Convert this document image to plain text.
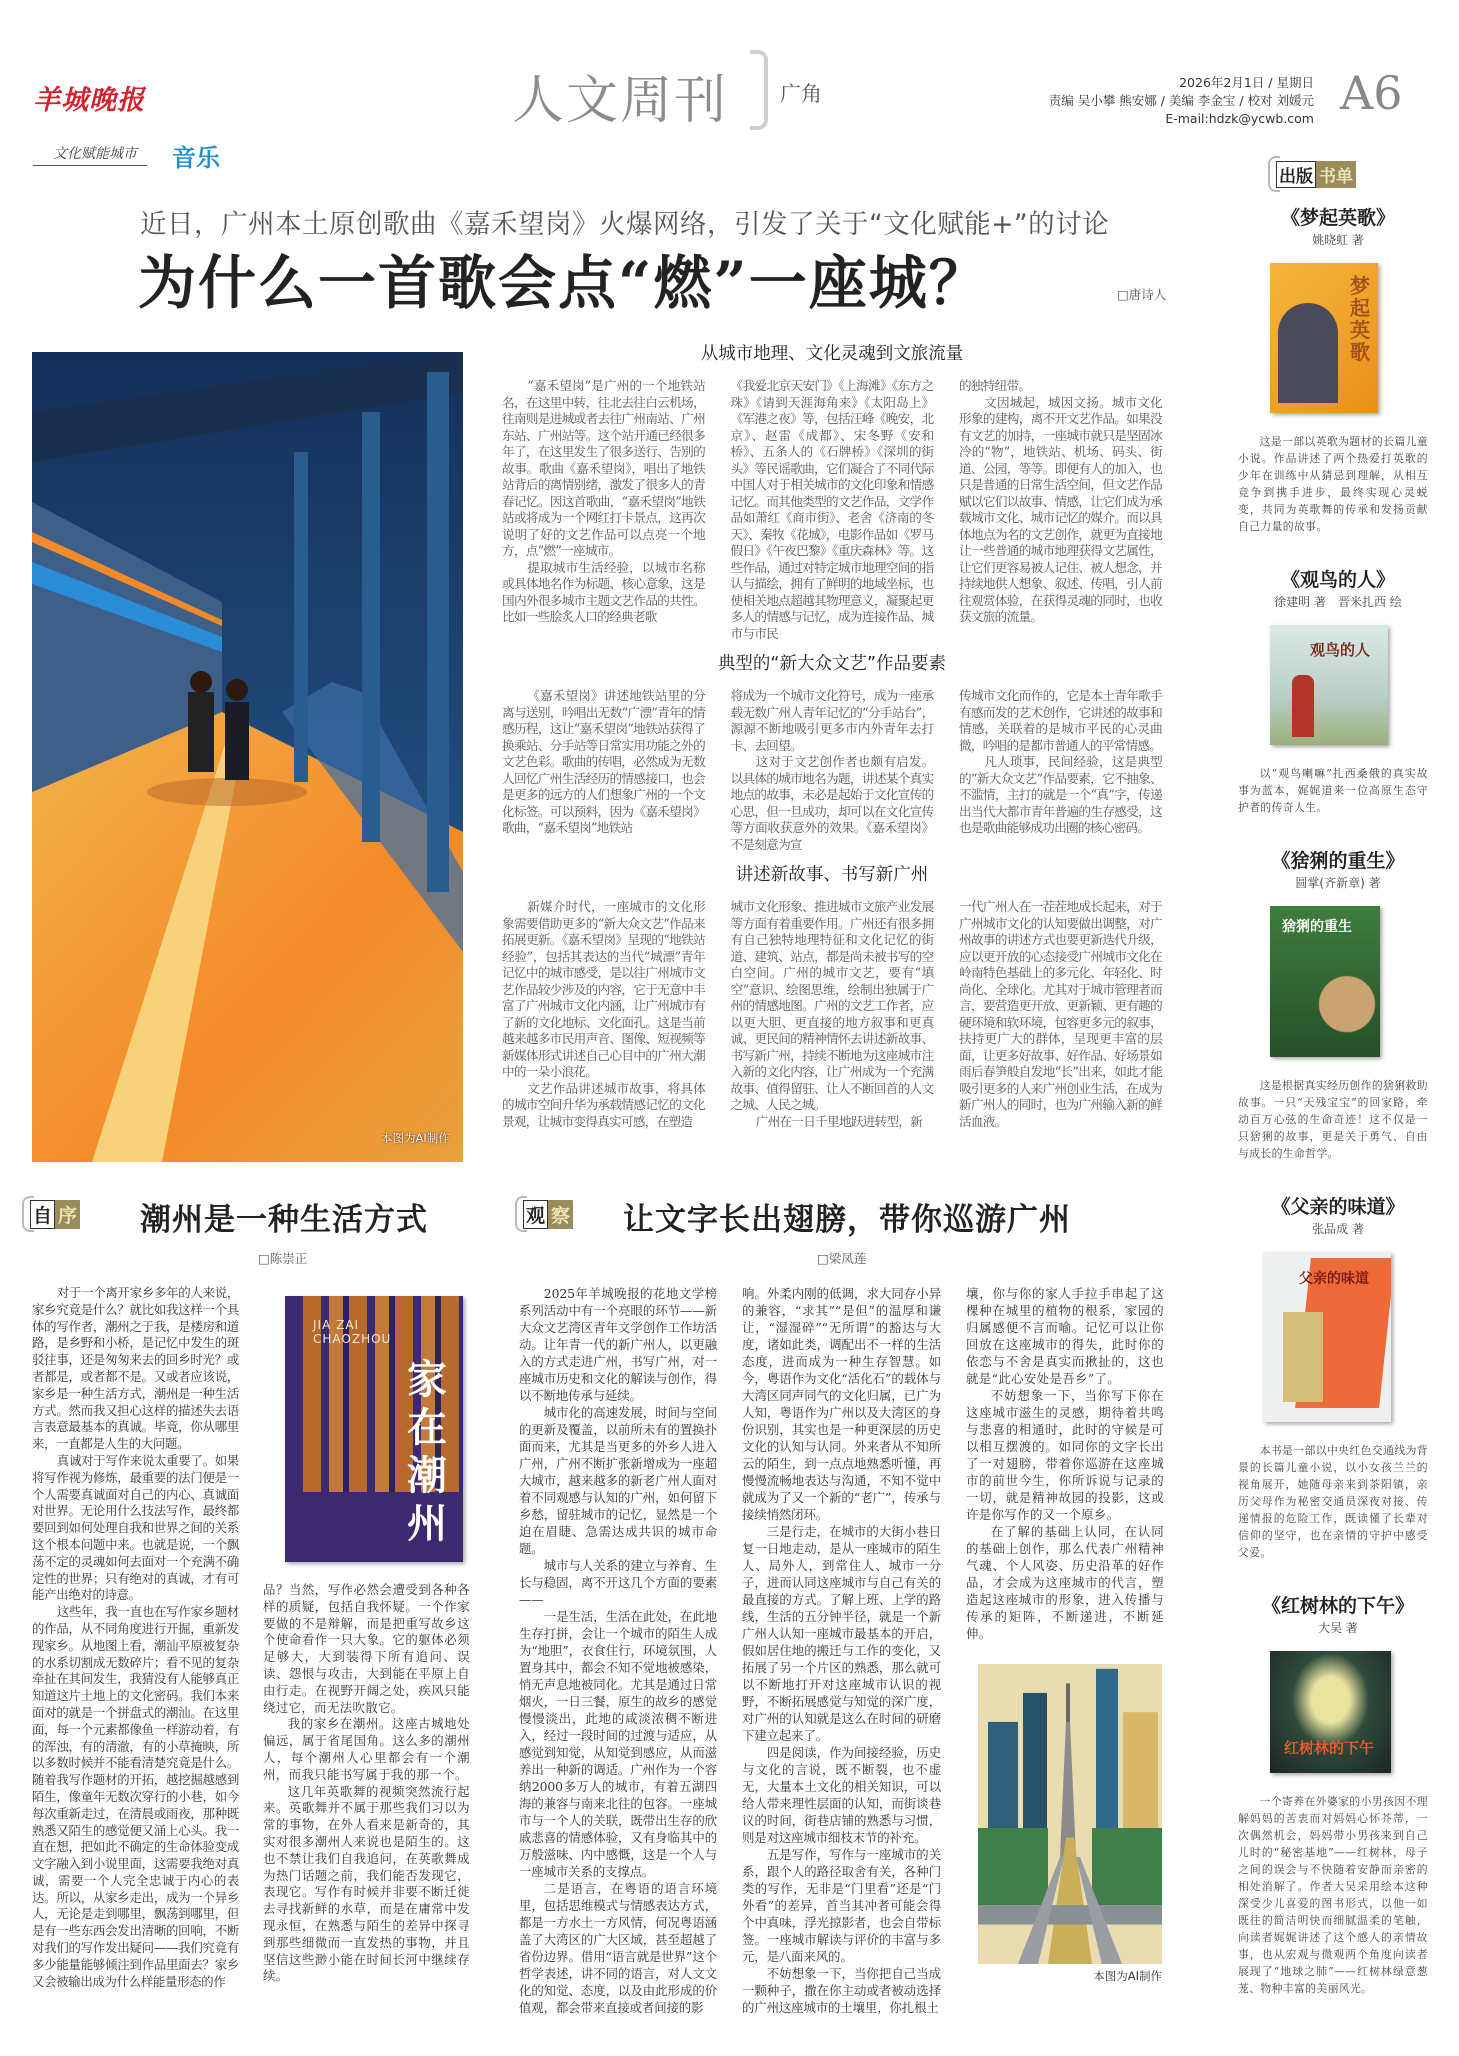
羊城晚报	人文周刊 广角	2026年2月1日 / 星期日
责编 吴小攀 熊安娜 / 美编 李金宝 / 校对 刘媛元
E-mail:hdzk@ycwb.com A6
文化赋能城市	音乐
近日，广州本土原创歌曲《嘉禾望岗》火爆网络，引发了关于“文化赋能+”的讨论
为什么一首歌会点“燃”一座城？	□唐诗人
本图为AI制作
从城市地理、文化灵魂到文旅流量

“嘉禾望岗”是广州的一个地铁站名，在这里中转，往北去往白云机场，往南则是进城或者去往广州南站、广州东站、广州站等。这个站开通已经很多年了，在这里发生了很多送行、告别的故事。歌曲《嘉禾望岗》，唱出了地铁站背后的离情别绪，激发了很多人的青春记忆。因这首歌曲，“嘉禾望岗”地铁站或将成为一个网红打卡景点，这再次说明了好的文艺作品可以点亮一个地方，点“燃”一座城市。

提取城市生活经验，以城市名称或具体地名作为标题、核心意象，这是国内外很多城市主题文艺作品的共性。比如一些脍炙人口的经典老歌

《我爱北京天安门》《上海滩》《东方之珠》《请到天涯海角来》《太阳岛上》《军港之夜》等，包括汪峰《晚安，北京》、赵雷《成都》、宋冬野《安和桥》、五条人的《石牌桥》《深圳的街头》等民谣歌曲，它们凝合了不同代际中国人对于相关城市的文化印象和情感记忆。而其他类型的文艺作品，文学作品如萧红《商市街》、老舍《济南的冬天》、秦牧《花城》，电影作品如《罗马假日》《午夜巴黎》《重庆森林》等。这些作品，通过对特定城市地理空间的指认与描绘，拥有了鲜明的地域坐标，也使相关地点超越其物理意义，凝聚起更多人的情感与记忆，成为连接作品、城市与市民

的独特纽带。

文因城起，城因文扬。城市文化形象的建构，离不开文艺作品。如果没有文艺的加持，一座城市就只是坚固冰冷的“物”，地铁站、机场、码头、街道、公园，等等。即便有人的加入，也只是普通的日常生活空间，但文艺作品赋以它们以故事、情感，让它们成为承载城市文化、城市记忆的媒介。而以具体地点为名的文艺创作，就更为直接地让一些普通的城市地理获得文艺属性，让它们更容易被人记住、被人想念，并持续地供人想象、叙述、传唱，引人前往观赏体验，在获得灵魂的同时，也收获文旅的流量。

典型的“新大众文艺”作品要素

《嘉禾望岗》讲述地铁站里的分离与送别，吟唱出无数“广漂”青年的情感历程，这让“嘉禾望岗”地铁站获得了换乘站、分手站等日常实用功能之外的文艺色彩。歌曲的传唱，必然成为无数人回忆广州生活经历的情感接口，也会是更多的远方的人们想象广州的一个文化标签。可以预料，因为《嘉禾望岗》歌曲，“嘉禾望岗”地铁站

将成为一个城市文化符号，成为一座承载无数广州人青年记忆的“分手站台”，源源不断地吸引更多市内外青年去打卡、去回望。

这对于文艺创作者也颇有启发。以具体的城市地名为题，讲述某个真实地点的故事，未必是起始于文化宣传的心思，但一旦成功，却可以在文化宣传等方面收获意外的效果。《嘉禾望岗》不是刻意为宣

传城市文化而作的，它是本土青年歌手有感而发的艺术创作，它讲述的故事和情感，关联着的是城市平民的心灵曲微，吟唱的是都市普通人的平常情感。

凡人琐事，民间经验，这是典型的“新大众文艺”作品要素，它不抽象、不滥情，主打的就是一个“真”字，传递出当代大都市青年普遍的生存感受，这也是歌曲能够成功出圈的核心密码。

讲述新故事、书写新广州

新媒介时代，一座城市的文化形象需要借助更多的“新大众文艺”作品来拓展更新。《嘉禾望岗》呈现的“地铁站经验”，包括其表达的当代“城漂”青年记忆中的城市感受，是以往广州城市文艺作品较少涉及的内容，它于无意中丰富了广州城市文化内涵，让广州城市有了新的文化地标、文化面孔。这是当前越来越多市民用声音、图像、短视频等新媒体形式讲述自己心目中的广州大潮中的一朵小浪花。

文艺作品讲述城市故事，将具体的城市空间升华为承载情感记忆的文化景观，让城市变得真实可感，在塑造

城市文化形象、推进城市文旅产业发展等方面有着重要作用。广州还有很多拥有自己独特地理特征和文化记忆的街道、建筑、站点，都是尚未被书写的空白空间。广州的城市文艺，要有“填空”意识、绘图思维，绘制出独属于广州的情感地图。广州的文艺工作者，应以更大胆、更直接的地方叙事和更真诚、更民间的精神情怀去讲述新故事、书写新广州，持续不断地为这座城市注入新的文化内容，让广州成为一个充满故事、值得留驻、让人不断回首的人文之城、人民之城。

广州在一日千里地跃进转型，新

一代广州人在一茬茬地成长起来，对于广州城市文化的认知要做出调整，对广州故事的讲述方式也要更新迭代升级，应以更开放的心态接受广州城市文化在岭南特色基础上的多元化、年轻化、时尚化、全球化。尤其对于城市管理者而言，要营造更开放、更新颖、更有趣的硬环境和软环境，包容更多元的叙事，扶持更广大的群体，呈现更丰富的层面，让更多好故事、好作品、好场景如雨后春笋般自发地“长”出来，如此才能吸引更多的人来广州创业生活，在成为新广州人的同时，也为广州输入新的鲜活血液。

自 序 潮州是一种生活方式
□陈崇正

对于一个离开家乡多年的人来说，家乡究竟是什么？就比如我这样一个具体的写作者，潮州之于我，是楼房和道路，是乡野和小桥，是记忆中发生的斑驳往事，还是匆匆来去的回乡时光？或者都是，或者都不是。又或者应该说，家乡是一种生活方式，潮州是一种生活方式。然而我又担心这样的描述失去语言表意最基本的真诚。毕竟，你从哪里来，一直都是人生的大问题。

真诚对于写作来说太重要了。如果将写作视为修炼，最重要的法门便是一个人需要真诚面对自己的内心、真诚面对世界。无论用什么技法写作，最终都要回到如何处理自我和世界之间的关系这个根本问题中来。也就是说，一个飘荡不定的灵魂如何去面对一个充满不确定性的世界；只有绝对的真诚，才有可能产出绝对的诗意。

这些年，我一直也在写作家乡题材的作品，从不同角度进行开掘，重新发现家乡。从地图上看，潮汕平原被复杂的水系切割成无数碎片；看不见的复杂牵扯在其间发生，我猜没有人能够真正知道这片土地上的文化密码。我们本来面对的就是一个拼盘式的潮汕。在这里面，每一个元素都像鱼一样游动着，有的浑浊，有的清澈，有的小草掩映，所以多数时候并不能看清楚究竟是什么。随着我写作题材的开拓，越挖掘越感到陌生，像童年无数次穿行的小巷，如今每次重新走过，在清晨或雨夜，那种既熟悉又陌生的感觉便又涌上心头。我一直在想，把如此不确定的生命体验变成文字融入到小说里面，这需要我绝对真诚，需要一个人完全忠诚于内心的表达。所以，从家乡走出，成为一个异乡人，无论是走到哪里，飘荡到哪里，但是有一些东西会发出清晰的回响，不断对我们的写作发出疑问——我们究竟有多少能量能够倾注到作品里面去？家乡又会被输出成为什么样能量形态的作

JIA ZAI
CHAOZHOU
家在潮州

品？当然，写作必然会遭受到各种各样的质疑，包括自我怀疑。一个作家要做的不是辩解，而是把重写故乡这个使命看作一只大象。它的躯体必须足够大，大到装得下所有追问、误读、怨恨与攻击，大到能在平原上自由行走。在视野开阔之处，疾风只能绕过它，而无法吹散它。

我的家乡在潮州。这座古城地处偏远，属于省尾国角。这么多的潮州人，每个潮州人心里都会有一个潮州，而我只能书写属于我的那一个。

这几年英歌舞的视频突然流行起来。英歌舞并不属于那些我们习以为常的事物，在外人看来是新奇的，其实对很多潮州人来说也是陌生的。这也不禁让我们自我追问，在英歌舞成为热门话题之前，我们能否发现它，表现它。写作有时候并非要不断迁徙去寻找新鲜的水草，而是在庸常中发现永恒，在熟悉与陌生的差异中探寻到那些细微而一直发热的事物，并且坚信这些渺小能在时间长河中继续存续。

观 察 让文字长出翅膀，带你巡游广州
□梁凤莲

2025年羊城晚报的花地文学榜系列活动中有一个亮眼的环节——新大众文艺湾区青年文学创作工作坊活动。让年青一代的新广州人，以更融入的方式走进广州，书写广州，对一座城市历史和文化的解读与创作，得以不断地传承与延续。

城市化的高速发展，时间与空间的更新及覆盖，以前所未有的置换扑面而来，尤其是当更多的外乡人进入广州，广州不断扩张新增成为一座超大城市，越来越多的新老广州人面对着不同观感与认知的广州，如何留下乡愁，留驻城市的记忆，显然是一个迫在眉睫、急需达成共识的城市命题。

城市与人关系的建立与养育、生长与稳固，离不开这几个方面的要素——

一是生活，生活在此处，在此地生存打拼，会让一个城市的陌生人成为“地胆”，衣食住行，环境氛围，人置身其中，都会不知不觉地被感染，悄无声息地被同化。尤其是通过日常烟火，一日三餐，原生的故乡的感觉慢慢淡出，此地的咸淡浓稠不断进入，经过一段时间的过渡与适应，从感觉到知觉，从知觉到感应，从而滋养出一种新的调适。广州作为一个容纳2000多万人的城市，有着五湖四海的兼容与南来北往的包容。一座城市与一个人的关联，既带出生存的欣戚悲喜的情感体验，又有身临其中的万般滋味、内中感慨，这是一个人与一座城市关系的支撑点。

二是语言，在粤语的语言环境里，包括思维模式与情感表达方式，都是一方水土一方风情，何况粤语涵盖了大湾区的广大区域，甚至超越了省份边界。借用“语言就是世界”这个哲学表述，讲不同的语言，对人文文化的知觉、态度，以及由此形成的价值观，都会带来直接或者间接的影

响。外柔内刚的低调，求大同存小异的兼容，“求其”“是但”的温厚和谦让，“湿湿碎”“无所谓”的豁达与大度，诸如此类，调配出不一样的生活态度，进而成为一种生存智慧。如今，粤语作为文化“活化石”的载体与大湾区同声同气的文化归属，已广为人知，粤语作为广州以及大湾区的身份识别，其实也是一种更深层的历史文化的认知与认同。外来者从不知所云的陌生，到一点点地熟悉听懂，再慢慢流畅地表达与沟通，不知不觉中就成为了又一个新的“老广”，传承与接续悄然闭环。

三是行走，在城市的大街小巷日复一日地走动，是从一座城市的陌生人、局外人，到常住人、城市一分子，进而认同这座城市与自己有关的最直接的方式。了解上班、上学的路线，生活的五分钟半径，就是一个新广州人认知一座城市最基本的开启，假如居住地的搬迁与工作的变化，又拓展了另一个片区的熟悉，那么就可以不断地打开对这座城市认识的视野，不断拓展感觉与知觉的深广度，对广州的认知就是这么在时间的研磨下建立起来了。

四是阅读，作为间接经验，历史与文化的言说，既不断裂，也不虚无，大量本土文化的相关知识，可以给人带来理性层面的认知，而街谈巷议的时间，街巷店铺的熟悉与习惯，则是对这座城市细枝末节的补充。

五是写作，写作与一座城市的关系，跟个人的路径取舍有关，各种门类的写作，无非是“门里看”还是“门外看”的差异，首当其冲者可能会得个中真味，浮光掠影者，也会自带标签。一座城市解读与评价的丰富与多元，是八面来风的。

不妨想象一下，当你把自己当成一颗种子，撒在你主动或者被动选择的广州这座城市的土壤里，你扎根土

壤，你与你的家人手拉手串起了这棵种在城里的植物的根系，家园的归属感便不言而喻。记忆可以让你回放在这座城市的得失，此时你的依恋与不舍是真实而揪扯的，这也就是“此心安处是吾乡”了。

不妨想象一下，当你写下你在这座城市滋生的灵感，期待着共鸣与悲喜的相通时，此时的守候是可以相互摆渡的。如同你的文字长出了一对翅膀，带着你巡游在这座城市的前世今生，你所诉说与记录的一切，就是精神故园的投影，这或许是你写作的又一个原乡。

在了解的基础上认同，在认同的基础上创作，那么代表广州精神气魂、个人风姿、历史沿革的好作品，才会成为这座城市的代言，塑造起这座城市的形象，进入传播与传承的矩阵，不断递进，不断延伸。

本图为AI制作
出版 书单
《梦起英歌》
姚晓虹 著
梦起英歌
这是一部以英歌为题材的长篇儿童小说。作品讲述了两个热爱打英歌的少年在训练中从猜忌到理解，从相互竞争到携手进步，最终实现心灵蜕变，共同为英歌舞的传承和发扬贡献自己力量的故事。
《观鸟的人》
徐建明 著　晋米扎西 绘
观鸟的人
以“观鸟喇嘛”扎西桑俄的真实故事为蓝本，娓娓道来一位高原生态守护者的传奇人生。
《猞猁的重生》
圆掌(齐新章) 著
猞猁的重生
这是根据真实经历创作的猞猁救助故事。一只“天残宝宝”的回家路，牵动百万心弦的生命奇迹！这不仅是一只猞猁的故事，更是关于勇气、自由与成长的生命哲学。
《父亲的味道》
张品成 著
父亲的味道
本书是一部以中央红色交通线为背景的长篇儿童小说，以小女孩兰兰的视角展开，她随母亲来到茶阳镇，亲历父母作为秘密交通员深夜对接、传递情报的危险工作，既读懂了长辈对信仰的坚守，也在亲情的守护中感受父爱。
《红树林的下午》
大吴 著
红树林的下午
一个寄养在外婆家的小男孩因不理解妈妈的苦衷而对妈妈心怀芥蒂，一次偶然机会，妈妈带小男孩来到自己儿时的“秘密基地”——红树林，母子之间的误会与不快随着安静而亲密的相处消解了。作者大吴采用绘本这种深受少儿喜爱的图书形式，以他一如既往的简洁明快而细腻温柔的笔触，向读者娓娓讲述了这个感人的亲情故事，也从宏观与微观两个角度向读者展现了“地球之肺”——红树林绿意葱茏、物种丰富的美丽风光。
